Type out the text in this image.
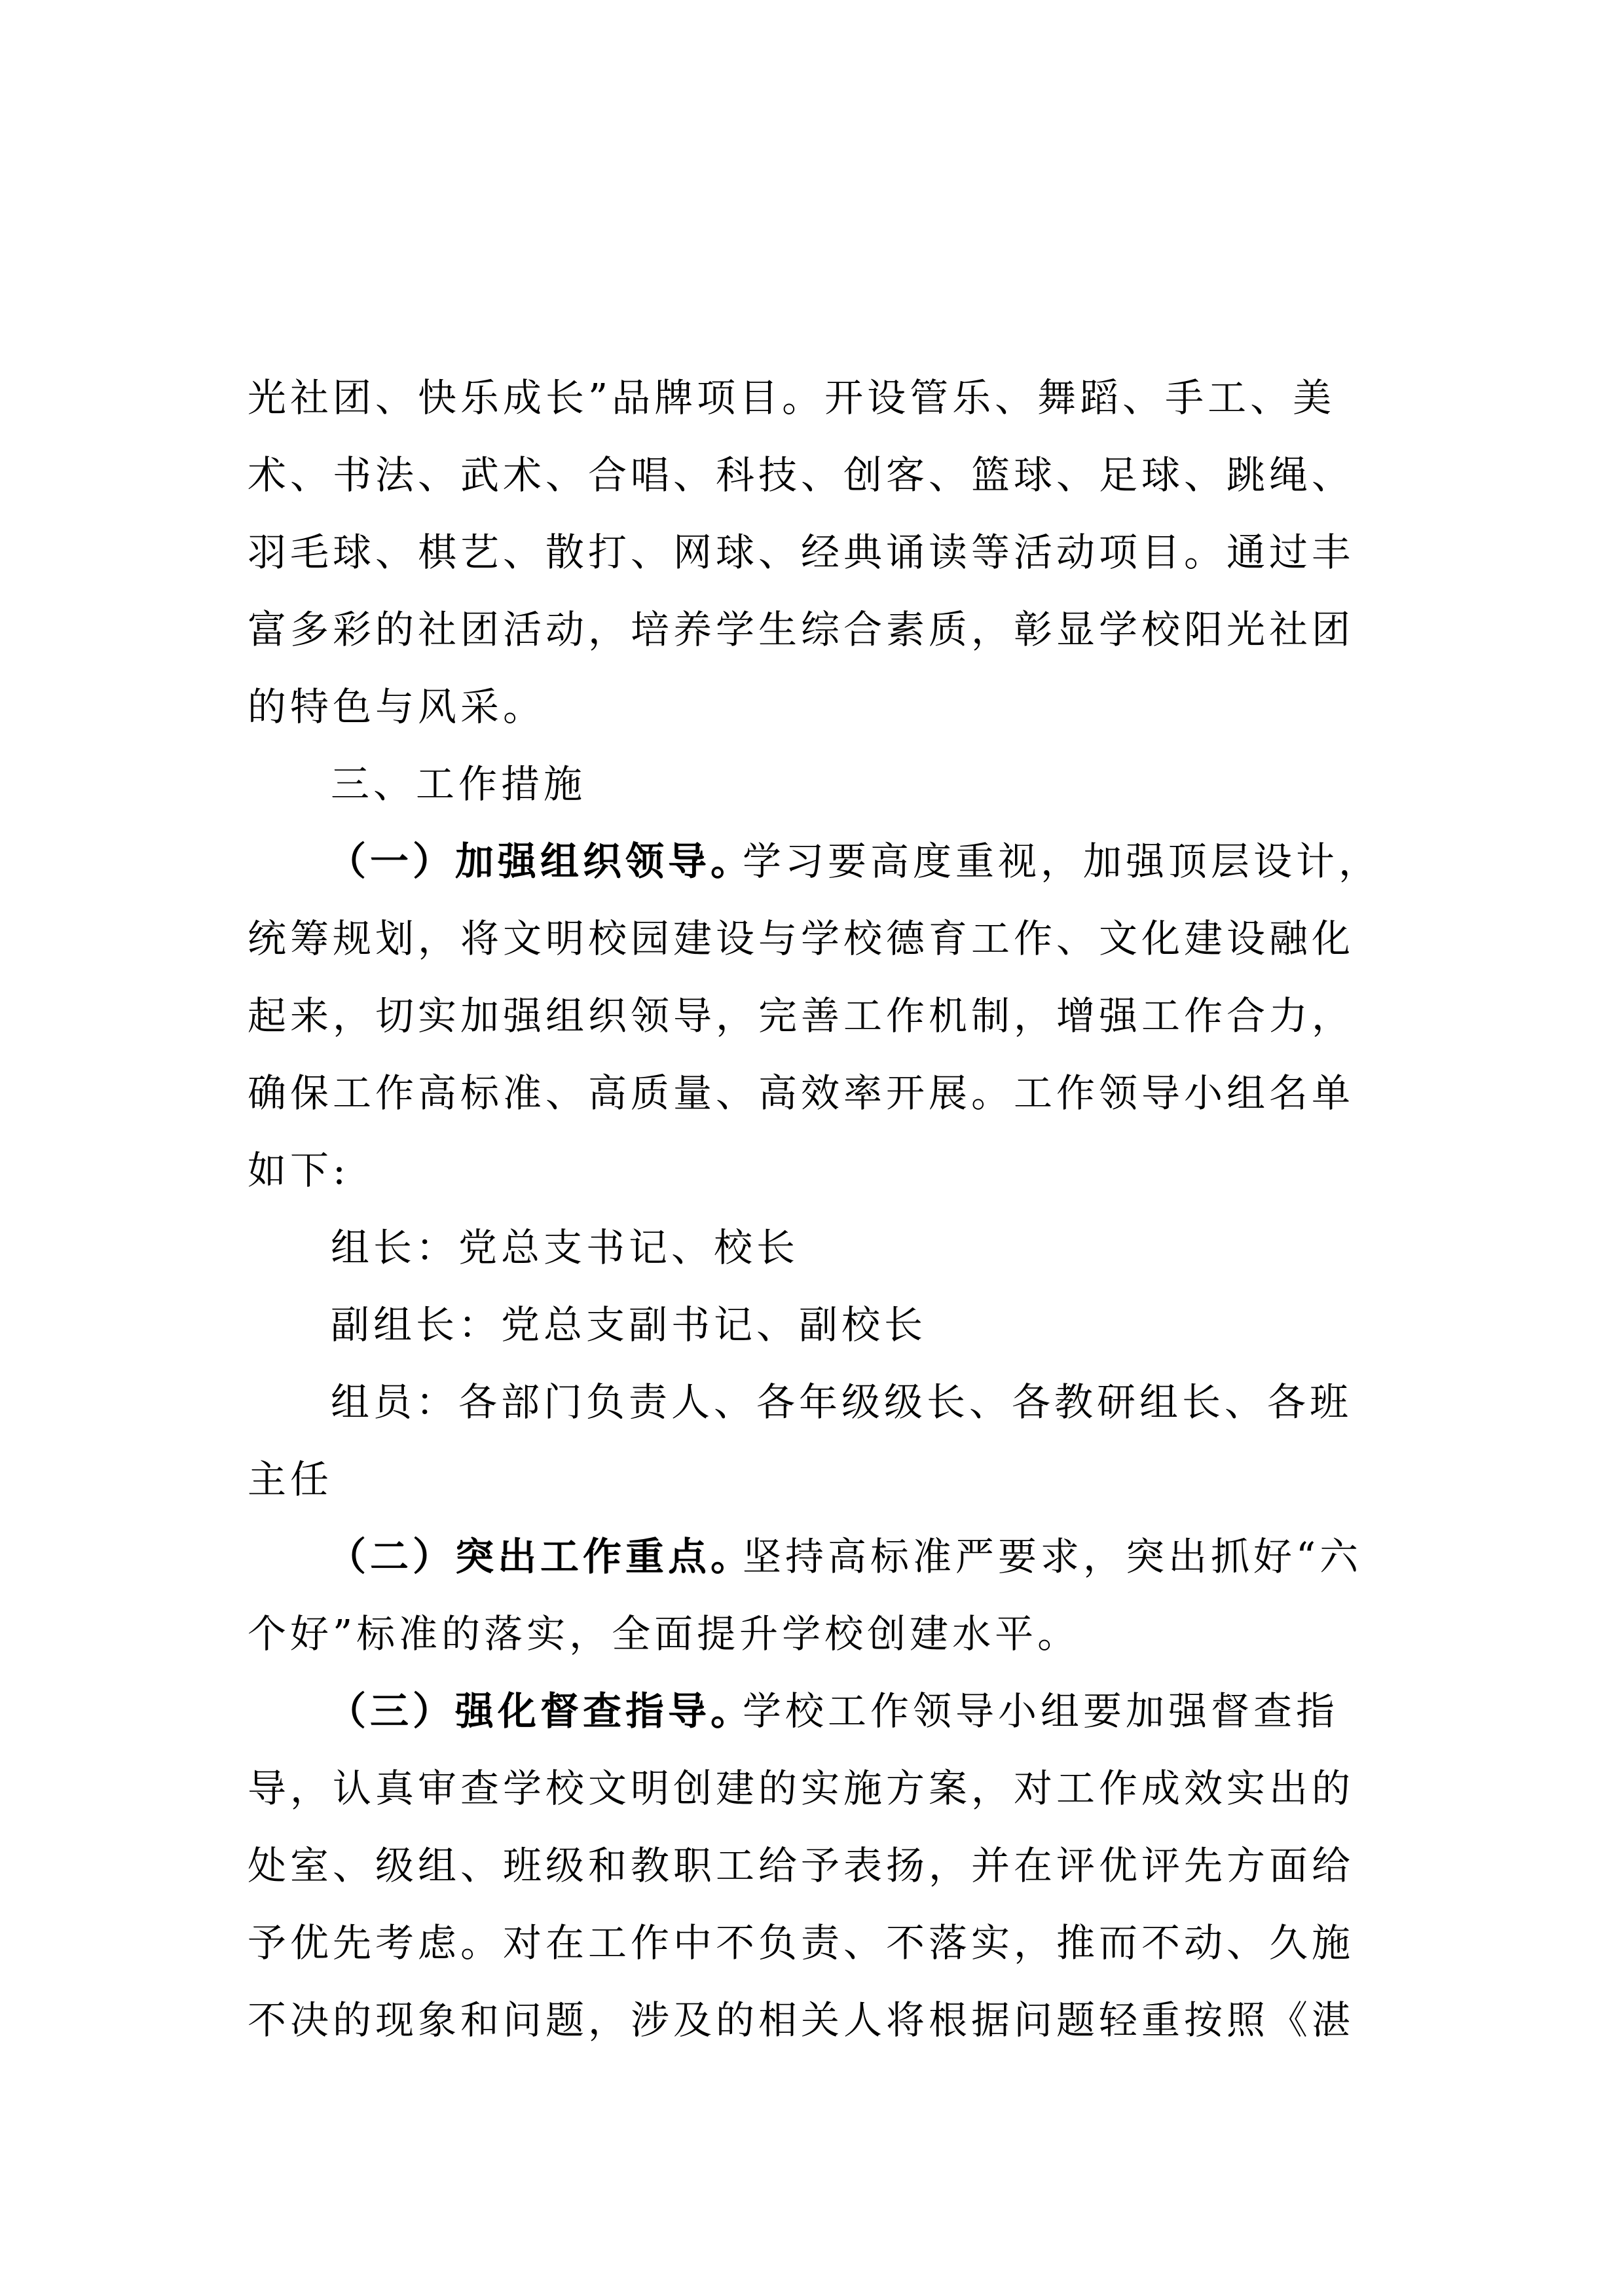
光社团、快乐成长”品牌项目。开设管乐、舞蹈、手工、美
术、书法、武术、合唱、科技、创客、篮球、足球、跳绳、
羽毛球、棋艺、散打、网球、经典诵读等活动项目。通过丰
富多彩的社团活动，培养学生综合素质，彰显学校阳光社团
的特色与风采。
三、工作措施
（一）加强组织领导。
学习要高度重视，加强顶层设计，
统筹规划，将文明校园建设与学校德育工作、文化建设融化
起来，切实加强组织领导，完善工作机制，增强工作合力，
确保工作高标准、高质量、高效率开展。工作领导小组名单
如下:
组长：党总支书记、校长
副组长：党总支副书记、副校长
组员：各部门负责人、各年级级长、各教研组长、各班
主任
（二）突出工作重点。
坚持高标准严要求，突出抓好“六
个好”标准的落实，全面提升学校创建水平。
（三）强化督查指导。
学校工作领导小组要加强督查指
导，认真审查学校文明创建的实施方案，对工作成效实出的
处室、级组、班级和教职工给予表扬，并在评优评先方面给
予优先考虑。对在工作中不负责、不落实，推而不动、久施
不决的现象和问题，涉及的相关人将根据问题轻重按照《湛
